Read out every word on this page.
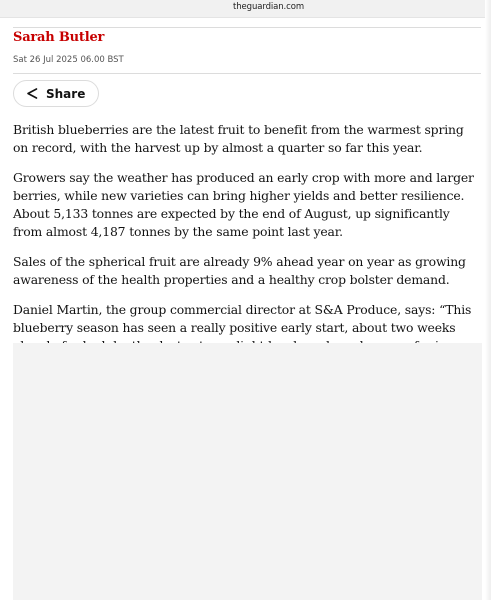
theguardian.com
Sarah Butler
Sat 26 Jul 2025 06.00 BST
Share

British blueberries are the latest fruit to benefit from the warmest spring on record, with the harvest up by almost a quarter so far this year.

Growers say the weather has produced an early crop with more and larger berries, while new varieties can bring higher yields and better resilience. About 5,133 tonnes are expected by the end of August, up significantly from almost 4,187 tonnes by the same point last year.

Sales of the spherical fruit are already 9% ahead year on year as growing awareness of the health properties and a healthy crop bolster demand.

Daniel Martin, the group commercial director at S&A Produce, says: “This blueberry season has seen a really positive early start, about two weeks
